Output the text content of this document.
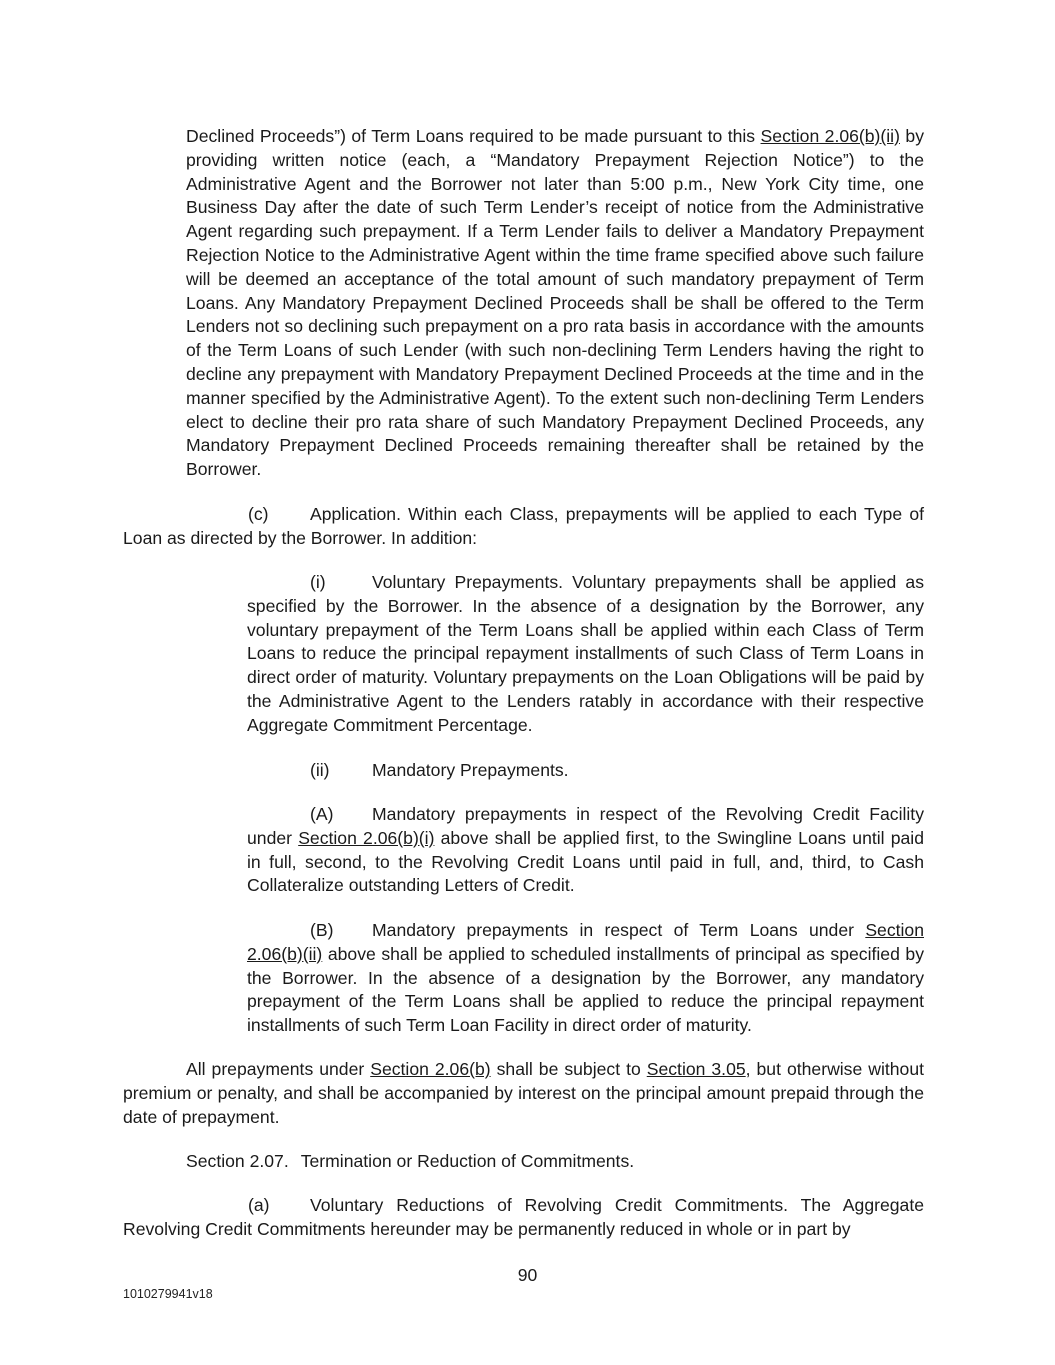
Declined Proceeds”) of Term Loans required to be made pursuant to this Section 2.06(b)(ii) by providing written notice (each, a “Mandatory Prepayment Rejection Notice”) to the Administrative Agent and the Borrower not later than 5:00 p.m., New York City time, one Business Day after the date of such Term Lender’s receipt of notice from the Administrative Agent regarding such prepayment. If a Term Lender fails to deliver a Mandatory Prepayment Rejection Notice to the Administrative Agent within the time frame specified above such failure will be deemed an acceptance of the total amount of such mandatory prepayment of Term Loans. Any Mandatory Prepayment Declined Proceeds shall be shall be offered to the Term Lenders not so declining such prepayment on a pro rata basis in accordance with the amounts of the Term Loans of such Lender (with such non-declining Term Lenders having the right to decline any prepayment with Mandatory Prepayment Declined Proceeds at the time and in the manner specified by the Administrative Agent). To the extent such non-declining Term Lenders elect to decline their pro rata share of such Mandatory Prepayment Declined Proceeds, any Mandatory Prepayment Declined Proceeds remaining thereafter shall be retained by the Borrower.

(c) Application. Within each Class, prepayments will be applied to each Type of Loan as directed by the Borrower. In addition:

(i)	Voluntary Prepayments. Voluntary prepayments shall be applied as specified by the Borrower. In the absence of a designation by the Borrower, any voluntary prepayment of the Term Loans shall be applied within each Class of Term Loans to reduce the principal repayment installments of such Class of Term Loans in direct order of maturity. Voluntary prepayments on the Loan Obligations will be paid by the Administrative Agent to the Lenders ratably in accordance with their respective Aggregate Commitment Percentage.

(ii) Mandatory Prepayments.

(A) Mandatory prepayments in respect of the Revolving Credit Facility under Section 2.06(b)(i) above shall be applied first, to the Swingline Loans until paid in full, second, to the Revolving Credit Loans until paid in full, and, third, to Cash Collateralize outstanding Letters of Credit.

(B) Mandatory prepayments in respect of Term Loans under Section 2.06(b)(ii) above shall be applied to scheduled installments of principal as specified by the Borrower. In the absence of a designation by the Borrower, any mandatory prepayment of the Term Loans shall be applied to reduce the principal repayment installments of such Term Loan Facility in direct order of maturity.

All prepayments under Section 2.06(b) shall be subject to Section 3.05, but otherwise without premium or penalty, and shall be accompanied by interest on the principal amount prepaid through the date of prepayment.

Section 2.07. Termination or Reduction of Commitments.

(a) Voluntary Reductions of Revolving Credit Commitments. The Aggregate Revolving Credit Commitments hereunder may be permanently reduced in whole or in part by

90
1010279941v18
